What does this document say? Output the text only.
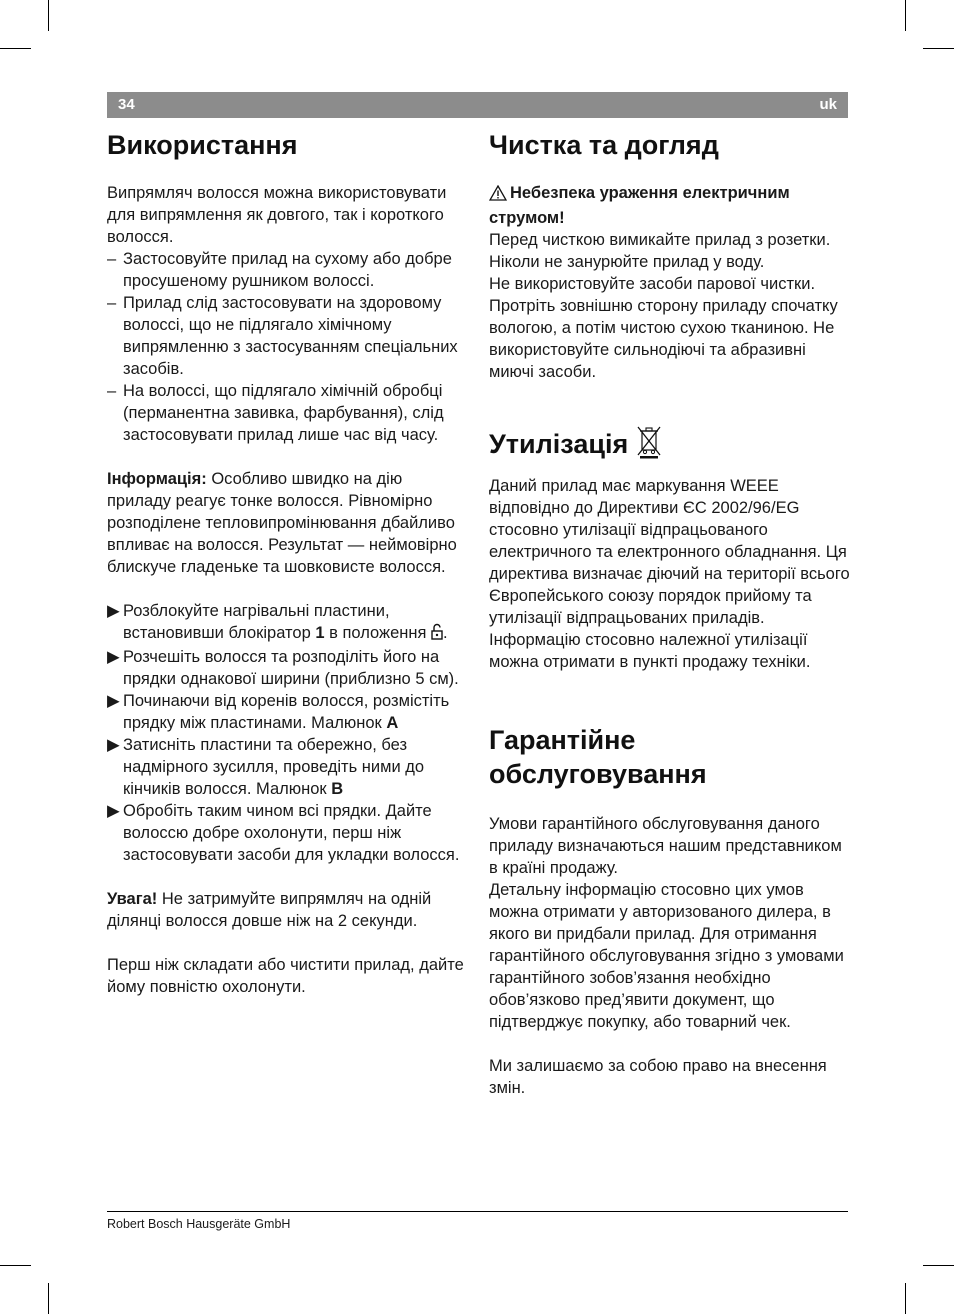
34	uk
Використання

Випрямляч волосся можна використовувати для випрямлення як довгого, так і короткого волосся.

– Застосовуйте прилад на сухому або добре просушеному рушником волоссі.
– Прилад слід застосовувати на здоровому волоссі, що не підлягало хімічному випрямленню з застосуванням спеціальних засобів.
– На волоссі, що підлягало хімічній обробці (перманентна завивка, фарбування), слід застосовувати прилад лише час від часу.

Інформація: Особливо швидко на дію приладу реагує тонке волосся. Рівномірно розподілене тепловипромінювання дбайливо впливає на волосся. Результат — неймовірно блискуче гладеньке та шовковисте волосся.

▶ Розблокуйте нагрівальні пластини, встановивши блокіратор 1 в положення .
▶ Розчешіть волосся та розподіліть його на прядки однакової ширини (приблизно 5 см).
▶ Починаючи від коренів волосся, розмістіть прядку між пластинами. Малюнок A
▶ Затисніть пластини та обережно, без надмірного зусилля, проведіть ними до кінчиків волосся. Малюнок B
▶ Обробіть таким чином всі прядки. Дайте волоссю добре охолонути, перш ніж застосовувати засоби для укладки волосся.

Увага! Не затримуйте випрямляч на одній ділянці волосся довше ніж на 2 секунди.

Перш ніж складати або чистити прилад, дайте йому повністю охолонути.

Чистка та догляд

Небезпека ураження електричним струмом!

Перед чисткою вимикайте прилад з розетки.

Ніколи не занурюйте прилад у воду.

Не використовуйте засоби парової чистки.

Протріть зовнішню сторону приладу спочатку вологою, а потім чистою сухою тканиною. Не використовуйте сильнодіючі та абразивні миючі засоби.

Утилізація

Даний прилад має маркування WEEE відповідно до Директиви ЄС 2002/96/EG стосовно утилізації відпрацьованого електричного та електронного обладнання. Ця директива визначає діючий на території всього Європейського союзу порядок прийому та утилізації відпрацьованих приладів.

Інформацію стосовно належної утилізації можна отримати в пункті продажу техніки.

Гарантійне
обслуговування

Умови гарантійного обслуговування даного приладу визначаються нашим представником в країні продажу.

Детальну інформацію стосовно цих умов можна отримати у авторизованого дилера, в якого ви придбали прилад. Для отримання гарантійного обслуговування згідно з умовами гарантійного зобов’язання необхідно обов’язково пред’явити документ, що підтверджує покупку, або товарний чек.

Ми залишаємо за собою право на внесення змін.

Robert Bosch Hausgeräte GmbH
